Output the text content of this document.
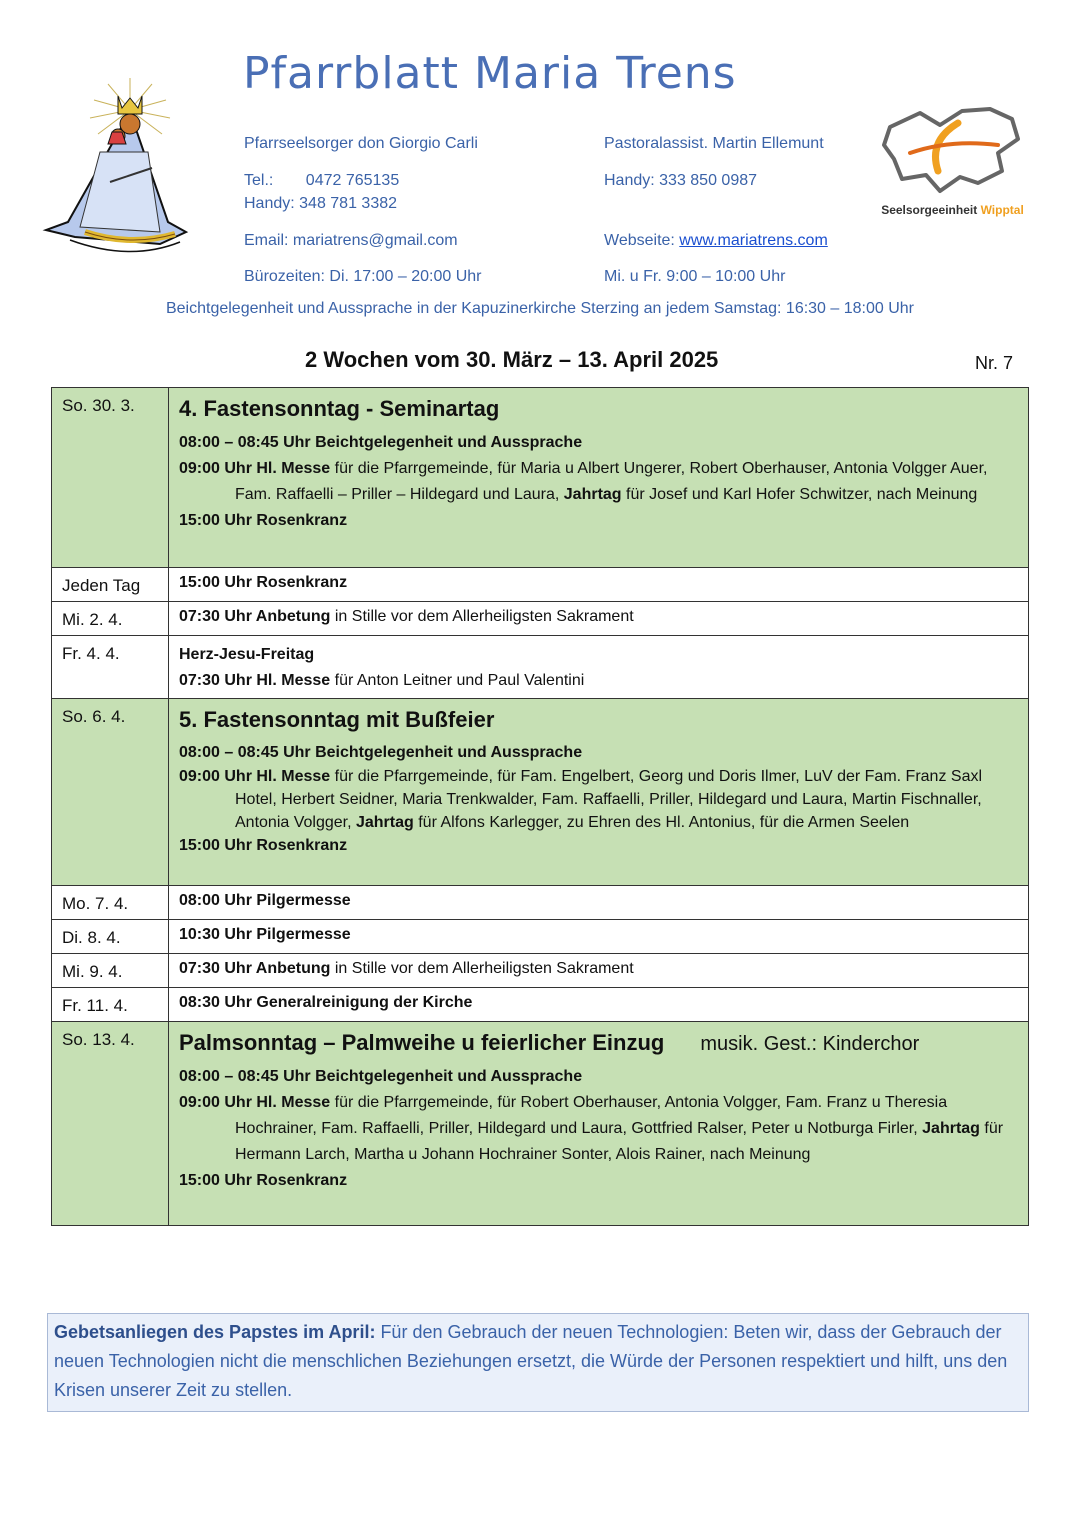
Pfarrblatt Maria Trens
Pfarrseelsorger don Giorgio Carli	Pastoralassist. Martin Ellemunt
Tel.: 0472 765135
Handy: 348 781 3382
Handy: 333 850 0987
Email: mariatrens@gmail.com	Webseite: www.mariatrens.com
Bürozeiten: Di. 17:00 – 20:00 Uhr	Mi. u Fr. 9:00 – 10:00 Uhr
Seelsorgeeinheit Wipptal
Beichtgelegenheit und Aussprache in der Kapuzinerkirche Sterzing an jedem Samstag: 16:30 – 18:00 Uhr
2 Wochen vom 30. März – 13. April 2025	Nr. 7
So. 30. 3.	4. Fastensonntag - Seminartag
08:00 – 08:45 Uhr Beichtgelegenheit und Aussprache
09:00 Uhr Hl. Messe für die Pfarrgemeinde, für Maria u Albert Ungerer, Robert Oberhauser, Antonia Volgger Auer, Fam. Raffaelli – Priller – Hildegard und Laura, Jahrtag für Josef und Karl Hofer Schwitzer, nach Meinung
15:00 Uhr Rosenkranz

Jeden Tag	15:00 Uhr Rosenkranz
Mi. 2. 4.	07:30 Uhr Anbetung in Stille vor dem Allerheiligsten Sakrament
Fr. 4. 4.	Herz-Jesu-Freitag
07:30 Uhr Hl. Messe für Anton Leitner und Paul Valentini

So. 6. 4.	5. Fastensonntag mit Bußfeier
08:00 – 08:45 Uhr Beichtgelegenheit und Aussprache
09:00 Uhr Hl. Messe für die Pfarrgemeinde, für Fam. Engelbert, Georg und Doris Ilmer, LuV der Fam. Franz Saxl Hotel, Herbert Seidner, Maria Trenkwalder, Fam. Raffaelli, Priller, Hildegard und Laura, Martin Fischnaller, Antonia Volgger, Jahrtag für Alfons Karlegger, zu Ehren des Hl. Antonius, für die Armen Seelen
15:00 Uhr Rosenkranz

Mo. 7. 4.	08:00 Uhr Pilgermesse
Di. 8. 4.	10:30 Uhr Pilgermesse
Mi. 9. 4.	07:30 Uhr Anbetung in Stille vor dem Allerheiligsten Sakrament
Fr. 11. 4.	08:30 Uhr Generalreinigung der Kirche
So. 13. 4.	Palmsonntag – Palmweihe u feierlicher Einzug musik. Gest.: Kinderchor
08:00 – 08:45 Uhr Beichtgelegenheit und Aussprache
09:00 Uhr Hl. Messe für die Pfarrgemeinde, für Robert Oberhauser, Antonia Volgger, Fam. Franz u Theresia Hochrainer, Fam. Raffaelli, Priller, Hildegard und Laura, Gottfried Ralser, Peter u Notburga Firler, Jahrtag für Hermann Larch, Martha u Johann Hochrainer Sonter, Alois Rainer, nach Meinung
15:00 Uhr Rosenkranz
Gebetsanliegen des Papstes im April: Für den Gebrauch der neuen Technologien: Beten wir, dass der Gebrauch der neuen Technologien nicht die menschlichen Beziehungen ersetzt, die Würde der Personen respektiert und hilft, uns den Krisen unserer Zeit zu stellen.
